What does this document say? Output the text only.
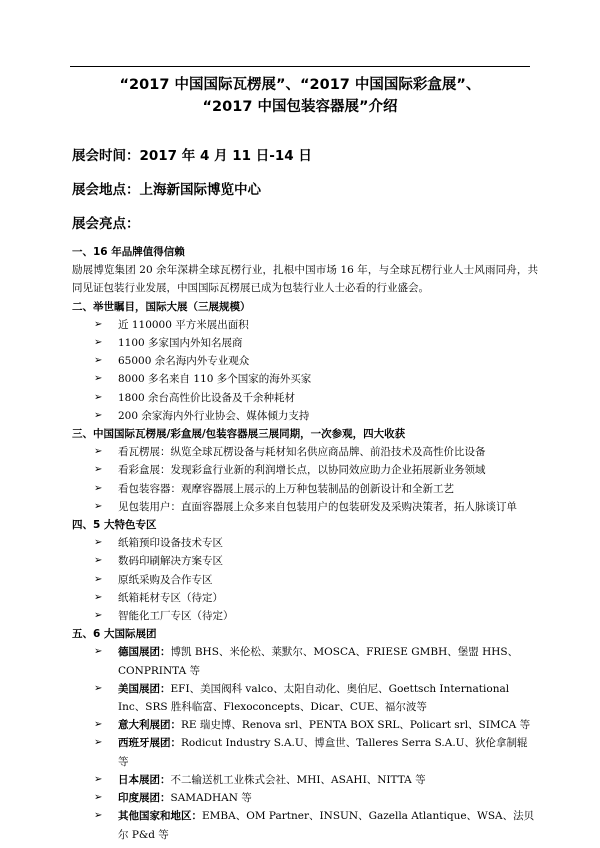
“2017 中国国际瓦楞展”、“2017 中国国际彩盒展”、
“2017 中国包装容器展”介绍
展会时间：2017 年 4 月 11 日-14 日
展会地点：上海新国际博览中心
展会亮点：
一、16 年品牌值得信赖
励展博览集团 20 余年深耕全球瓦楞行业，扎根中国市场 16 年，与全球瓦楞行业人士风雨同舟，共同见证包装行业发展，中国国际瓦楞展已成为包装行业人士必看的行业盛会。
二、举世瞩目，国际大展（三展规模）
➢ 近 110000 平方米展出面积
➢ 1100 多家国内外知名展商
➢ 65000 余名海内外专业观众
➢ 8000 多名来自 110 多个国家的海外买家
➢ 1800 余台高性价比设备及千余种耗材
➢ 200 余家海内外行业协会、媒体倾力支持
三、中国国际瓦楞展/彩盒展/包装容器展三展同期，一次参观，四大收获
➢ 看瓦楞展：纵览全球瓦楞设备与耗材知名供应商品牌、前沿技术及高性价比设备
➢ 看彩盒展：发现彩盒行业新的利润增长点，以协同效应助力企业拓展新业务领域
➢ 看包装容器：观摩容器展上展示的上万种包装制品的创新设计和全新工艺
➢ 见包装用户：直面容器展上众多来自包装用户的包装研发及采购决策者，拓人脉谈订单
四、5 大特色专区
➢ 纸箱预印设备技术专区
➢ 数码印刷解决方案专区
➢ 原纸采购及合作专区
➢ 纸箱耗材专区（待定）
➢ 智能化工厂专区（待定）
五、6 大国际展团
➢ 德国展团：博凯 BHS、米伦松、莱默尔、MOSCA、FRIESE GMBH、堡盟 HHS、CONPRINTA 等
➢ 美国展团：EFI、美国阀科 valco、太阳自动化、奥伯尼、Goettsch International Inc、SRS 胜科临富、Flexoconcepts、Dicar、CUE、福尔波等
➢ 意大利展团：RE 瑞史博、Renova srl、PENTA BOX SRL、Policart srl、SIMCA 等
➢ 西班牙展团：Rodicut Industry S.A.U、博盒世、Talleres Serra S.A.U、狄伦拿制辊等
➢ 日本展团：不二输送机工业株式会社、MHI、ASAHI、NITTA 等
➢ 印度展团：SAMADHAN 等
➢ 其他国家和地区：EMBA、OM Partner、INSUN、Gazella Atlantique、WSA、法贝尔 P&d 等
